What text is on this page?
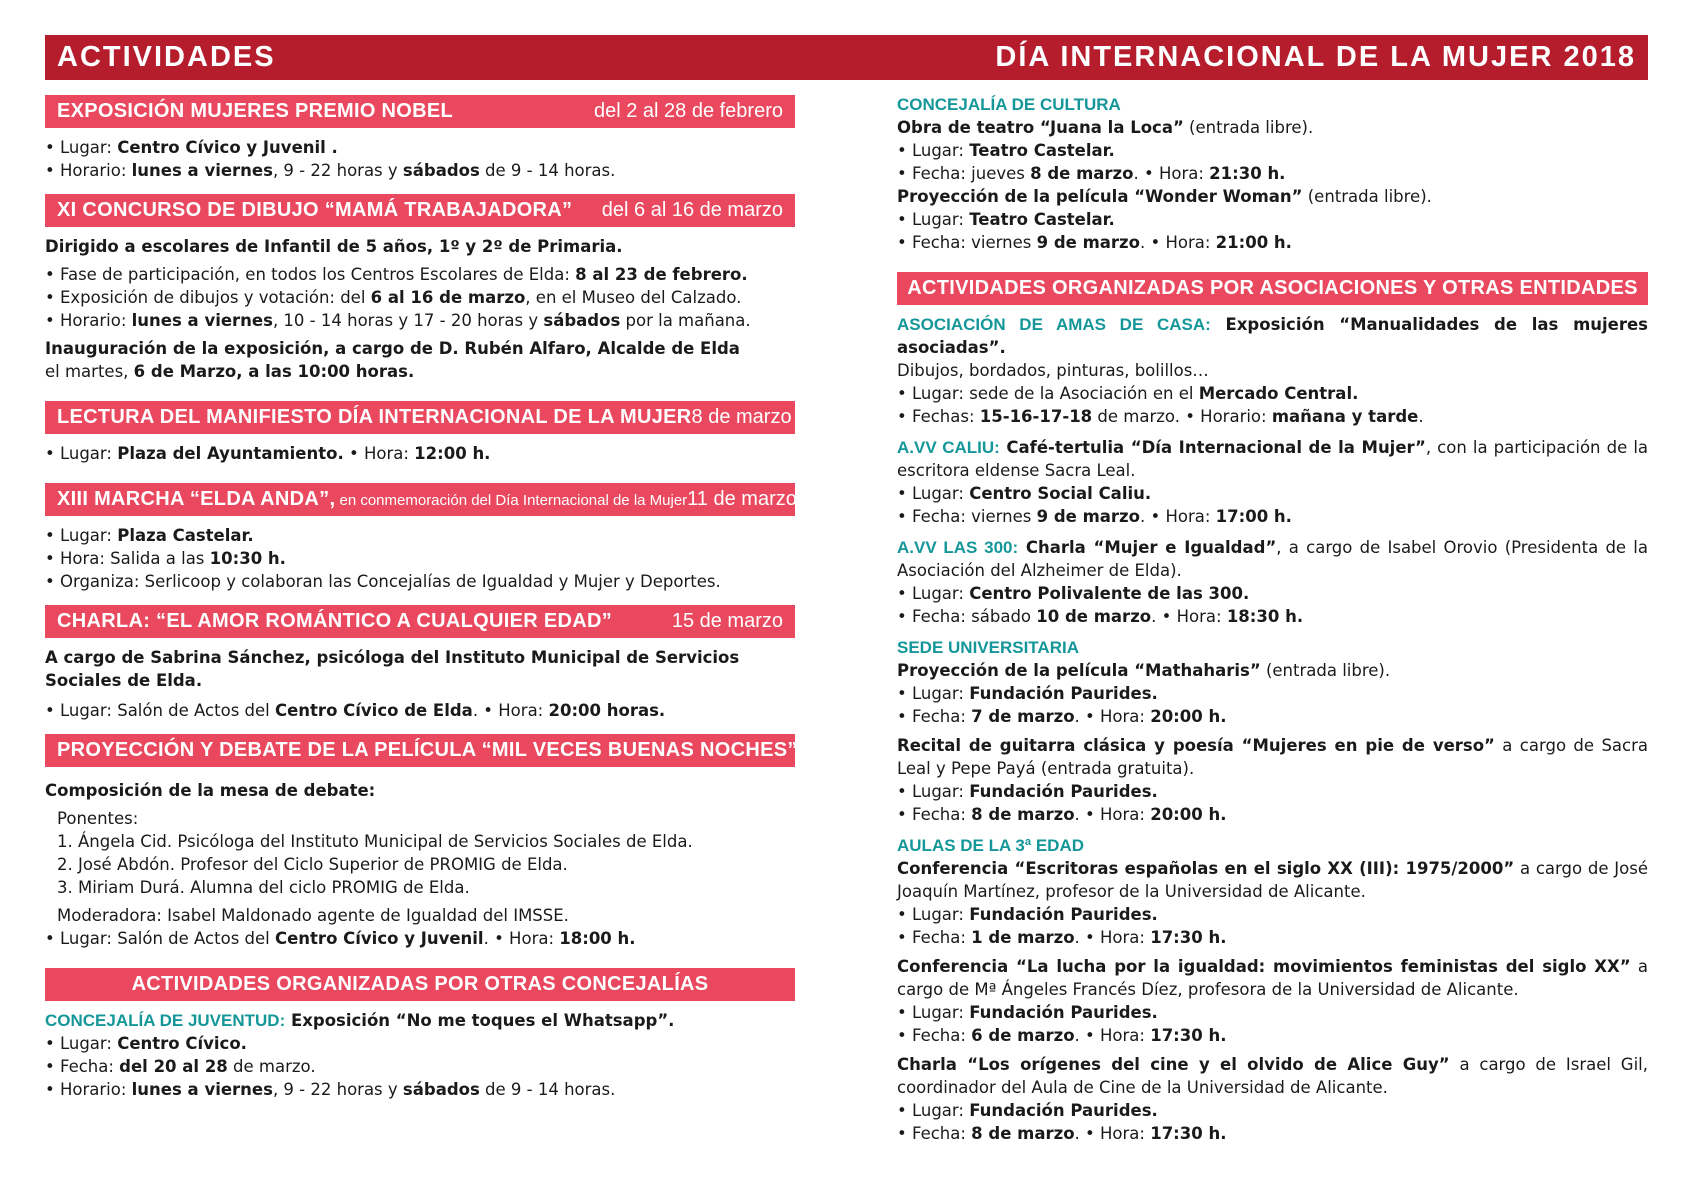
ACTIVIDADES	DÍA INTERNACIONAL DE LA MUJER 2018
EXPOSICIÓN MUJERES PREMIO NOBEL	del 2 al 28 de febrero

• Lugar: Centro Cívico y Juvenil .

• Horario: lunes a viernes, 9 - 22 horas y sábados de 9 - 14 horas.

XI CONCURSO DE DIBUJO “MAMÁ TRABAJADORA” del 6 al 16 de marzo

Dirigido a escolares de Infantil de 5 años, 1º y 2º de Primaria.

• Fase de participación, en todos los Centros Escolares de Elda: 8 al 23 de febrero.

• Exposición de dibujos y votación: del 6 al 16 de marzo, en el Museo del Calzado.

• Horario: lunes a viernes, 10 - 14 horas y 17 - 20 horas y sábados por la mañana.

Inauguración de la exposición, a cargo de D. Rubén Alfaro, Alcalde de Elda

el martes, 6 de Marzo, a las 10:00 horas.

LECTURA DEL MANIFIESTO DÍA INTERNACIONAL DE LA MUJER 8 de marzo

• Lugar: Plaza del Ayuntamiento. • Hora: 12:00 h.

XIII MARCHA “ELDA ANDA”, en conmemoración del Día Internacional de la Mujer 11 de marzo

• Lugar: Plaza Castelar.

• Hora: Salida a las 10:30 h.

• Organiza: Serlicoop y colaboran las Concejalías de Igualdad y Mujer y Deportes.

CHARLA: “EL AMOR ROMÁNTICO A CUALQUIER EDAD”	15 de marzo

A cargo de Sabrina Sánchez, psicóloga del Instituto Municipal de Servicios Sociales de Elda.

• Lugar: Salón de Actos del Centro Cívico de Elda. • Hora: 20:00 horas.

PROYECCIÓN Y DEBATE DE LA PELÍCULA “MIL VECES BUENAS NOCHES” 22 de marzo

Composición de la mesa de debate:

Ponentes:

1. Ángela Cid. Psicóloga del Instituto Municipal de Servicios Sociales de Elda.

2. José Abdón. Profesor del Ciclo Superior de PROMIG de Elda.

3. Miriam Durá. Alumna del ciclo PROMIG de Elda.

Moderadora: Isabel Maldonado agente de Igualdad del IMSSE.

• Lugar: Salón de Actos del Centro Cívico y Juvenil. • Hora: 18:00 h.

ACTIVIDADES ORGANIZADAS POR OTRAS CONCEJALÍAS

CONCEJALÍA DE JUVENTUD: Exposición “No me toques el Whatsapp”.

• Lugar: Centro Cívico.

• Fecha: del 20 al 28 de marzo.

• Horario: lunes a viernes, 9 - 22 horas y sábados de 9 - 14 horas.

CONCEJALÍA DE CULTURA

Obra de teatro “Juana la Loca” (entrada libre).

• Lugar: Teatro Castelar.

• Fecha: jueves 8 de marzo. • Hora: 21:30 h.

Proyección de la película “Wonder Woman” (entrada libre).

• Lugar: Teatro Castelar.

• Fecha: viernes 9 de marzo. • Hora: 21:00 h.

ACTIVIDADES ORGANIZADAS POR ASOCIACIONES Y OTRAS ENTIDADES

ASOCIACIÓN DE AMAS DE CASA: Exposición “Manualidades de las mujeres asociadas”.

Dibujos, bordados, pinturas, bolillos…

• Lugar: sede de la Asociación en el Mercado Central.

• Fechas: 15-16-17-18 de marzo. • Horario: mañana y tarde.

A.VV CALIU: Café-tertulia “Día Internacional de la Mujer”, con la participación de la escritora eldense Sacra Leal.

• Lugar: Centro Social Caliu.

• Fecha: viernes 9 de marzo. • Hora: 17:00 h.

A.VV LAS 300: Charla “Mujer e Igualdad”, a cargo de Isabel Orovio (Presidenta de la Asociación del Alzheimer de Elda).

• Lugar: Centro Polivalente de las 300.

• Fecha: sábado 10 de marzo. • Hora: 18:30 h.

SEDE UNIVERSITARIA

Proyección de la película “Mathaharis” (entrada libre).

• Lugar: Fundación Paurides.

• Fecha: 7 de marzo. • Hora: 20:00 h.

Recital de guitarra clásica y poesía “Mujeres en pie de verso” a cargo de Sacra Leal y Pepe Payá (entrada gratuita).

• Lugar: Fundación Paurides.

• Fecha: 8 de marzo. • Hora: 20:00 h.

AULAS DE LA 3ª EDAD

Conferencia “Escritoras españolas en el siglo XX (III): 1975/2000” a cargo de José Joaquín Martínez, profesor de la Universidad de Alicante.

• Lugar: Fundación Paurides.

• Fecha: 1 de marzo. • Hora: 17:30 h.

Conferencia “La lucha por la igualdad: movimientos feministas del siglo XX” a cargo de Mª Ángeles Francés Díez, profesora de la Universidad de Alicante.

• Lugar: Fundación Paurides.

• Fecha: 6 de marzo. • Hora: 17:30 h.

Charla “Los orígenes del cine y el olvido de Alice Guy” a cargo de Israel Gil, coordinador del Aula de Cine de la Universidad de Alicante.

• Lugar: Fundación Paurides.

• Fecha: 8 de marzo. • Hora: 17:30 h.
